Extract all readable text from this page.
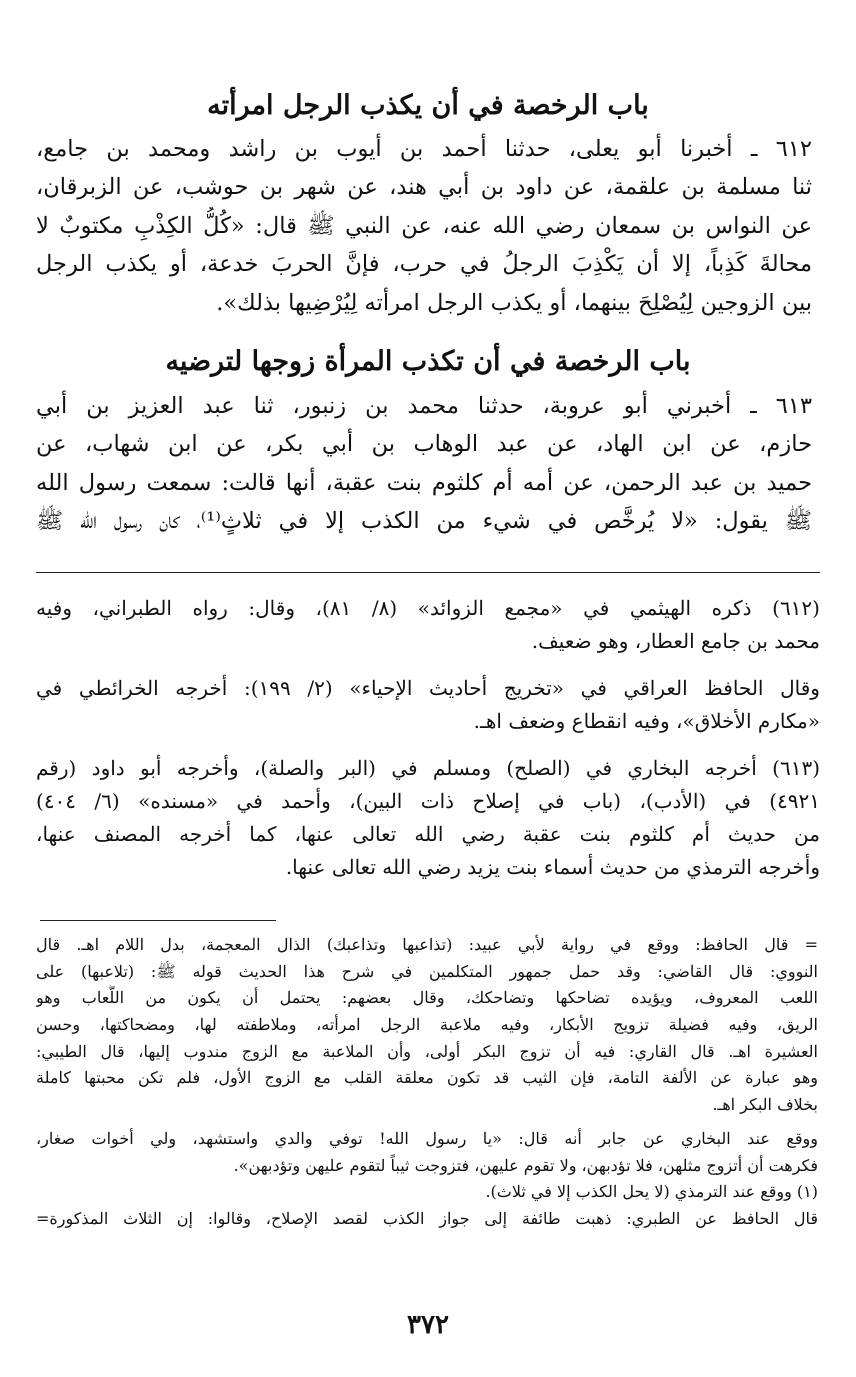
باب الرخصة في أن يكذب الرجل امرأته
٦١٢ ـ أخبرنا أبو يعلى، حدثنا أحمد بن أيوب بن راشد ومحمد بن جامع،
ثنا مسلمة بن علقمة، عن داود بن أبي هند، عن شهر بن حوشب، عن الزبرقان،
عن النواس بن سمعان رضي الله عنه، عن النبي ﷺ قال: «كُلُّ الكِذْبِ مكتوبٌ لا
محالةَ كَذِباً، إلا أن يَكْذِبَ الرجلُ في حرب، فإنَّ الحربَ خدعة، أو يكذب الرجل
بين الزوجين لِيُصْلِحَ بينهما، أو يكذب الرجل امرأته لِيُرْضِيها بذلك».
باب الرخصة في أن تكذب المرأة زوجها لترضيه
٦١٣ ـ أخبرني أبو عروبة، حدثنا محمد بن زنبور، ثنا عبد العزيز بن أبي
حازم، عن ابن الهاد، عن عبد الوهاب بن أبي بكر، عن ابن شهاب، عن
حميد بن عبد الرحمن، عن أمه أم كلثوم بنت عقبة، أنها قالت: سمعت رسول الله
ﷺ يقول: «لا يُرخَّص في شيء من الكذب إلا في ثلاثٍ⁽¹⁾، كان رسول الله ﷺ
(٦١٢) ذكره الهيثمي في «مجمع الزوائد» (٨/ ٨١)، وقال: رواه الطبراني، وفيه
محمد بن جامع العطار، وهو ضعيف.
وقال الحافظ العراقي في «تخريج أحاديث الإحياء» (٢/ ١٩٩): أخرجه الخرائطي في
«مكارم الأخلاق»، وفيه انقطاع وضعف اهـ.
(٦١٣) أخرجه البخاري في (الصلح) ومسلم في (البر والصلة)، وأخرجه أبو داود (رقم
٤٩٢١) في (الأدب)، (باب في إصلاح ذات البين)، وأحمد في «مسنده» (٦/ ٤٠٤)
من حديث أم كلثوم بنت عقبة رضي الله تعالى عنها، كما أخرجه المصنف عنها،
وأخرجه الترمذي من حديث أسماء بنت يزيد رضي الله تعالى عنها.
= قال الحافظ: ووقع في رواية لأبي عبيد: (تذاعبها وتذاعبك) الذال المعجمة، بدل اللام اهـ. قال
النووي: قال القاضي: وقد حمل جمهور المتكلمين في شرح هذا الحديث قوله ﷺ: (تلاعبها) على
اللعب المعروف، ويؤيده تضاحكها وتضاحكك، وقال بعضهم: يحتمل أن يكون من اللُّعاب وهو
الريق، وفيه فضيلة تزويج الأبكار، وفيه ملاعبة الرجل امرأته، وملاطفته لها، ومضحاكتها، وحسن
العشيرة اهـ. قال القاري: فيه أن تزوج البكر أولى، وأن الملاعبة مع الزوج مندوب إليها، قال الطيبي:
وهو عبارة عن الألفة التامة، فإن الثيب قد تكون معلقة القلب مع الزوج الأول، فلم تكن محبتها كاملة
بخلاف البكر اهـ.
ووقع عند البخاري عن جابر أنه قال: «يا رسول الله! توفي والدي واستشهد، ولي أخوات صغار،
فكرهت أن أتزوج مثلهن، فلا تؤدبهن، ولا تقوم عليهن، فتزوجت ثيباً لتقوم عليهن وتؤدبهن».
(١) ووقع عند الترمذي (لا يحل الكذب إلا في ثلاث).
قال الحافظ عن الطبري: ذهبت طائفة إلى جواز الكذب لقصد الإصلاح، وقالوا: إن الثلاث المذكورة=
٣٧٢
